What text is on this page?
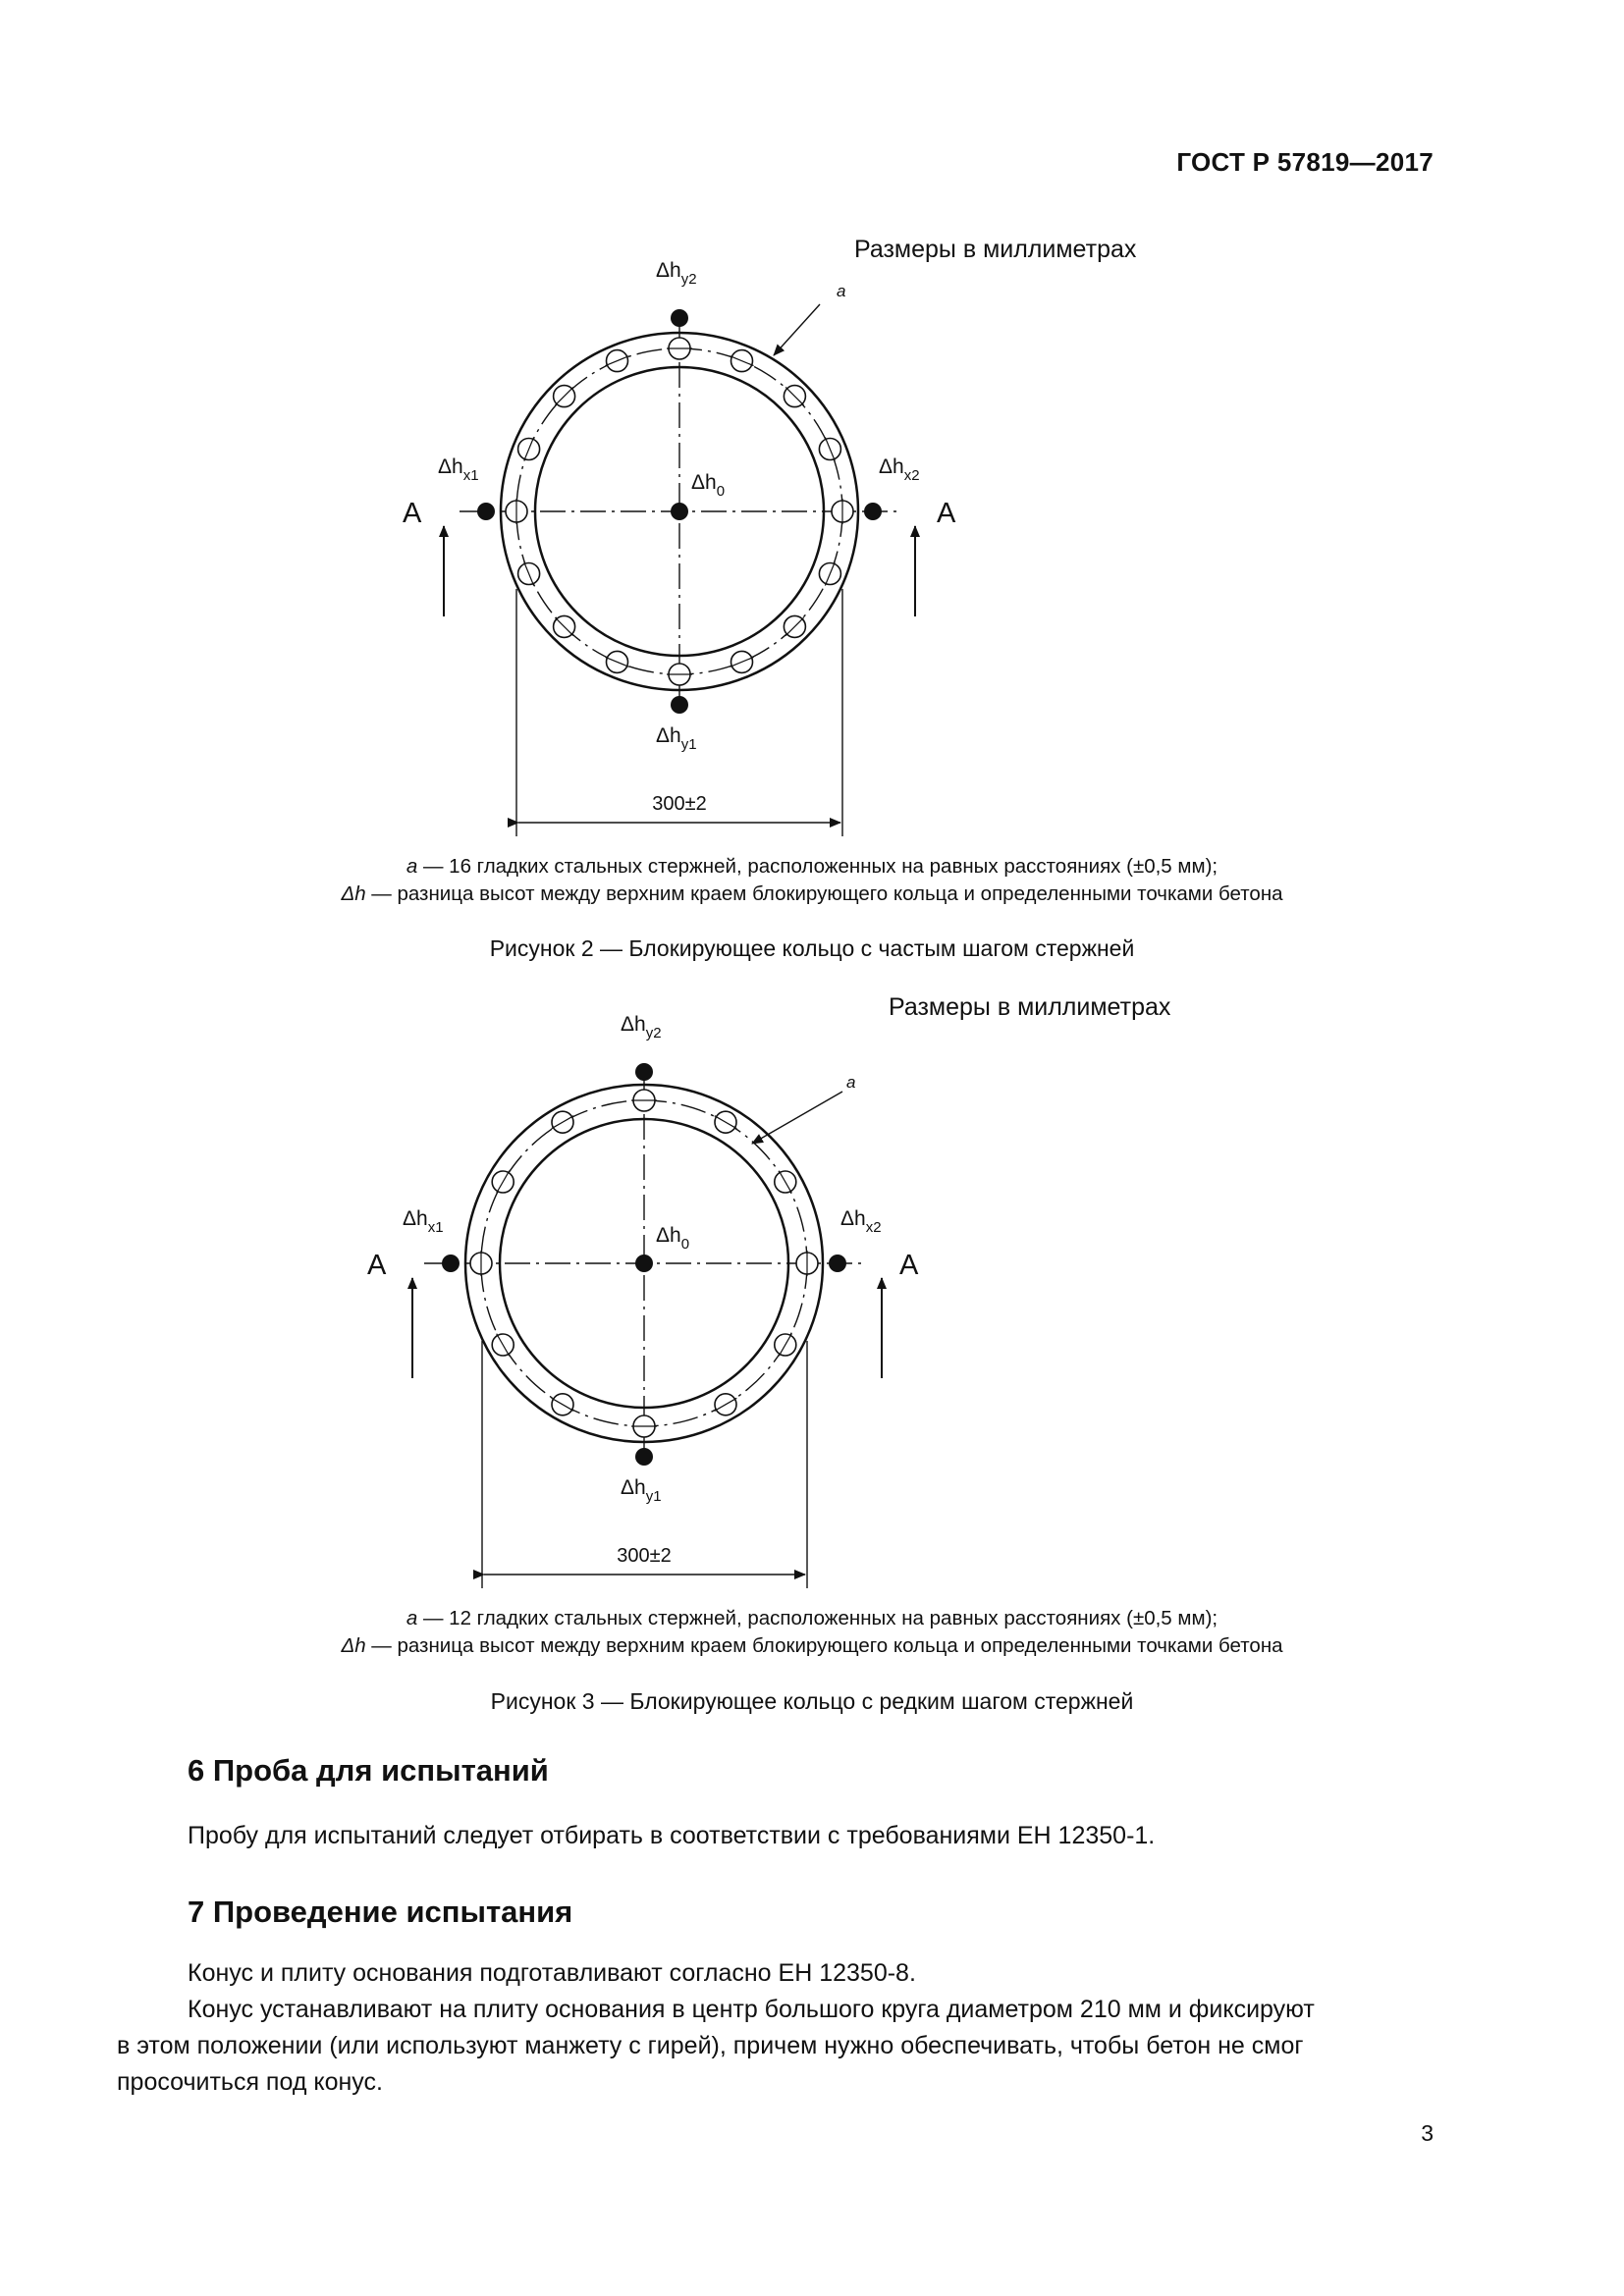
ГОСТ Р 57819—2017
Размеры в миллиметрах
a
$\Delta h_{y2}$
$\Delta h_{y1}$
$\Delta h_{x1}$	$\Delta h_{x2}$
$\Delta h_0$
A	A
300±2
a — 16 гладких стальных стержней, расположенных на равных расстояниях (±0,5 мм);
Δh — разница высот между верхним краем блокирующего кольца и определенными точками бетона
Рисунок 2 — Блокирующее кольцо с частым шагом стержней
Размеры в миллиметрах
a
$\Delta h_{y2}$
$\Delta h_{y1}$
$\Delta h_{x1}$	$\Delta h_{x2}$
$\Delta h_0$
A	A
300±2
a — 12 гладких стальных стержней, расположенных на равных расстояниях (±0,5 мм);
Δh — разница высот между верхним краем блокирующего кольца и определенными точками бетона
Рисунок 3 — Блокирующее кольцо с редким шагом стержней
6 Проба для испытаний
Пробу для испытаний следует отбирать в соответствии с требованиями ЕН 12350-1.
7 Проведение испытания
Конус и плиту основания подготавливают согласно ЕН 12350-8.
Конус устанавливают на плиту основания в центр большого круга диаметром 210 мм и фиксируют
в этом положении (или используют манжету с гирей), причем нужно обеспечивать, чтобы бетон не смог
просочиться под конус.
3
